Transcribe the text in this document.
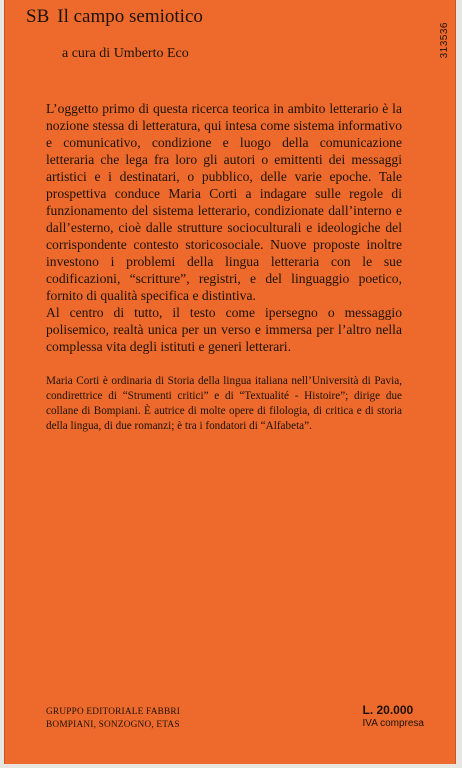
SB Il campo semiotico
a cura di Umberto Eco	313536

L’oggetto primo di questa ricerca teorica in ambito letterario è la nozione stessa di letteratura, qui intesa come sistema informativo e comunicativo, condizione e luogo della comunicazione letteraria che lega fra loro gli autori o emittenti dei messaggi artistici e i destinatari, o pubblico, delle varie epoche. Tale prospettiva conduce Maria Corti a indagare sulle regole di funzionamento del sistema letterario, condizionate dall’interno e dall’esterno, cioè dalle strutture socioculturali e ideologiche del corrispondente contesto storicosociale. Nuove proposte inoltre investono i problemi della lingua letteraria con le sue codificazioni, “scritture”, registri, e del linguaggio poetico, fornito di qualità specifica e distintiva.

Al centro di tutto, il testo come ipersegno o messaggio polisemico, realtà unica per un verso e immersa per l’altro nella complessa vita degli istituti e generi letterari.

Maria Corti è ordinaria di Storia della lingua italiana nell’Università di Pavia, condirettrice di “Strumenti critici” e di “Textualité - Histoire”; dirige due collane di Bompiani. È autrice di molte opere di filologia, di critica e di storia della lingua, di due romanzi; è tra i fondatori di “Alfabeta”.

GRUPPO EDITORIALE FABBRI
BOMPIANI, SONZOGNO, ETAS
L. 20.000
IVA compresa
